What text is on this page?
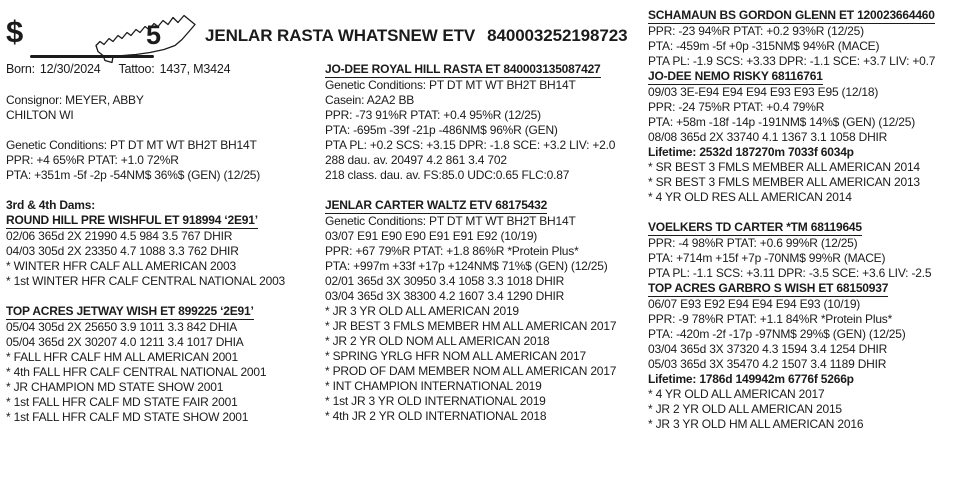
$	5	JENLAR RASTA WHATSNEW ETV 840003252198723
Born: 12/30/2024 Tattoo: 1437, M3424
Consignor: MEYER, ABBY
CHILTON WI
Genetic Conditions: PT DT MT WT BH2T BH14T
PPR: +4 65%R PTAT: +1.0 72%R
PTA: +351m -5f -2p -54NM$ 36%$ (GEN) (12/25)
3rd & 4th Dams:
ROUND HILL PRE WISHFUL ET 918994 ‘2E91’
02/06 365d 2X 21990 4.5 984 3.5 767 DHIR
04/03 305d 2X 23350 4.7 1088 3.3 762 DHIR
* WINTER HFR CALF ALL AMERICAN 2003
* 1st WINTER HFR CALF CENTRAL NATIONAL 2003
TOP ACRES JETWAY WISH ET 899225 ‘2E91’
05/04 305d 2X 25650 3.9 1011 3.3 842 DHIA
05/04 365d 2X 30207 4.0 1211 3.4 1017 DHIA
* FALL HFR CALF HM ALL AMERICAN 2001
* 4th FALL HFR CALF CENTRAL NATIONAL 2001
* JR CHAMPION MD STATE SHOW 2001
* 1st FALL HFR CALF MD STATE FAIR 2001
* 1st FALL HFR CALF MD STATE SHOW 2001
JO-DEE ROYAL HILL RASTA ET 840003135087427
Genetic Conditions: PT DT MT WT BH2T BH14T
Casein: A2A2 BB
PPR: -73 91%R PTAT: +0.4 95%R (12/25)
PTA: -695m -39f -21p -486NM$ 96%R (GEN)
PTA PL: +0.2 SCS: +3.15 DPR: -1.8 SCE: +3.2 LIV: +2.0
288 dau. av. 20497 4.2 861 3.4 702
218 class. dau. av. FS:85.0 UDC:0.65 FLC:0.87
JENLAR CARTER WALTZ ETV 68175432
Genetic Conditions: PT DT MT WT BH2T BH14T
03/07 E91 E90 E90 E91 E91 E92 (10/19)
PPR: +67 79%R PTAT: +1.8 86%R *Protein Plus*
PTA: +997m +33f +17p +124NM$ 71%$ (GEN) (12/25)
02/01 365d 3X 30950 3.4 1058 3.3 1018 DHIR
03/04 365d 3X 38300 4.2 1607 3.4 1290 DHIR
* JR 3 YR OLD ALL AMERICAN 2019
* JR BEST 3 FMLS MEMBER HM ALL AMERICAN 2017
* JR 2 YR OLD NOM ALL AMERICAN 2018
* SPRING YRLG HFR NOM ALL AMERICAN 2017
* PROD OF DAM MEMBER NOM ALL AMERICAN 2017
* INT CHAMPION INTERNATIONAL 2019
* 1st JR 3 YR OLD INTERNATIONAL 2019
* 4th JR 2 YR OLD INTERNATIONAL 2018
SCHAMAUN BS GORDON GLENN ET 120023664460
PPR: -23 94%R PTAT: +0.2 93%R (12/25)
PTA: -459m -5f +0p -315NM$ 94%R (MACE)
PTA PL: -1.9 SCS: +3.33 DPR: -1.1 SCE: +3.7 LIV: +0.7
JO-DEE NEMO RISKY 68116761
09/03 3E-E94 E94 E94 E93 E93 E95 (12/18)
PPR: -24 75%R PTAT: +0.4 79%R
PTA: +58m -18f -14p -191NM$ 14%$ (GEN) (12/25)
08/08 365d 2X 33740 4.1 1367 3.1 1058 DHIR
Lifetime: 2532d 187270m 7033f 6034p
* SR BEST 3 FMLS MEMBER ALL AMERICAN 2014
* SR BEST 3 FMLS MEMBER ALL AMERICAN 2013
* 4 YR OLD RES ALL AMERICAN 2014
VOELKERS TD CARTER *TM 68119645
PPR: -4 98%R PTAT: +0.6 99%R (12/25)
PTA: +714m +15f +7p -70NM$ 99%R (MACE)
PTA PL: -1.1 SCS: +3.11 DPR: -3.5 SCE: +3.6 LIV: -2.5
TOP ACRES GARBRO S WISH ET 68150937
06/07 E93 E92 E94 E94 E94 E93 (10/19)
PPR: -9 78%R PTAT: +1.1 84%R *Protein Plus*
PTA: -420m -2f -17p -97NM$ 29%$ (GEN) (12/25)
03/04 365d 3X 37320 4.3 1594 3.4 1254 DHIR
05/03 365d 3X 35470 4.2 1507 3.4 1189 DHIR
Lifetime: 1786d 149942m 6776f 5266p
* 4 YR OLD ALL AMERICAN 2017
* JR 2 YR OLD ALL AMERICAN 2015
* JR 3 YR OLD HM ALL AMERICAN 2016
